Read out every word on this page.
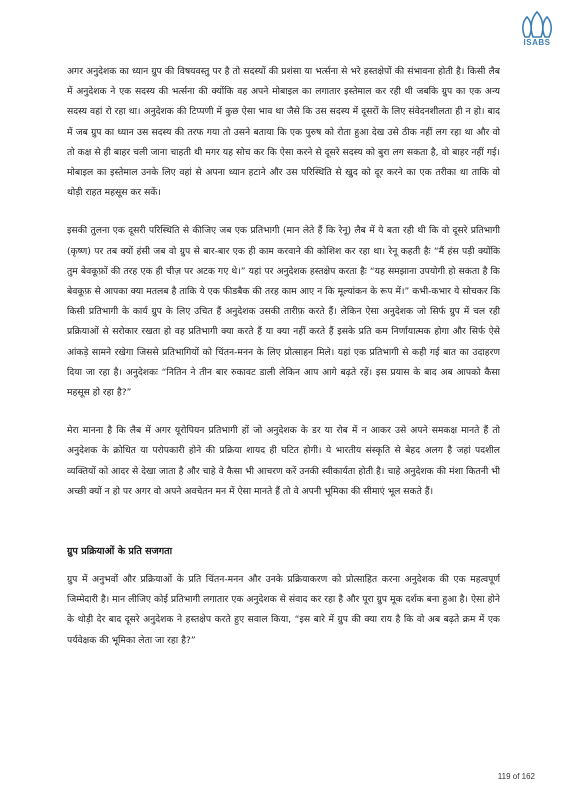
ISABS

अगर अनुदेशक का ध्यान ग्रुप की विषयवस्तु पर है तो सदस्यों की प्रशंसा या भर्त्सना से भरे हस्तक्षेपों की संभावना होती है। किसी लैब में अनुदेशक ने एक सदस्य की भर्त्सना की क्योंकि वह अपने मोबाइल का लगातार इस्तेमाल कर रही थी जबकि ग्रुप का एक अन्य सदस्य वहां रो रहा था। अनुदेशक की टिप्पणी में कुछ ऐसा भाव था जैसे कि उस सदस्य में दूसरों के लिए संवेदनशीलता ही न हो। बाद में जब ग्रुप का ध्यान उस सदस्य की तरफ गया तो उसने बताया कि एक पुरुष को रोता हुआ देख उसे ठीक नहीं लग रहा था और वो तो कक्ष से ही बाहर चली जाना चाहती थी मगर यह सोच कर कि ऐसा करने से दूसरे सदस्य को बुरा लग सकता है, वो बाहर नहीं गई। मोबाइल का इस्तेमाल उनके लिए वहां से अपना ध्यान हटाने और उस परिस्थिति से खुद को दूर करने का एक तरीका था ताकि वो थोड़ी राहत महसूस कर सकें।

इसकी तुलना एक दूसरी परिस्थिति से कीजिए जब एक प्रतिभागी (मान लेते हैं कि रेनू) लैब में ये बता रही थी कि वो दूसरे प्रतिभागी (कृष्ण) पर तब क्यों हंसी जब वो ग्रुप से बार-बार एक ही काम करवाने की कोशिश कर रहा था। रेनू कहती हैः “मैं हंस पड़ी क्योंकि तुम बेवकूफ़ों की तरह एक ही चीज़ पर अटक गए थे।” यहां पर अनुदेशक हस्तक्षेप करता हैः “यह समझाना उपयोगी हो सकता है कि बेवकूफ़ से आपका क्या मतलब है ताकि ये एक फीडबैक की तरह काम आए न कि मूल्यांकन के रूप में।” कभी-कभार ये सोचकर कि किसी प्रतिभागी के कार्य ग्रुप के लिए उचित हैं अनुदेशक उसकी तारीफ़ करते हैं। लेकिन ऐसा अनुदेशक जो सिर्फ ग्रुप में चल रही प्रक्रियाओं से सरोकार रखता हो वह प्रतिभागी क्या करते हैं या क्या नहीं करते हैं इसके प्रति कम निर्णायात्मक होगा और सिर्फ ऐसे आंकड़े सामने रखेगा जिससे प्रतिभागियों को चिंतन-मनन के लिए प्रोत्साहन मिले। यहां एक प्रतिभागी से कही गई बात का उदाहरण दिया जा रहा है। अनुदेशकः “नितिन ने तीन बार रुकावट डाली लेकिन आप आगे बढ़ते रहें। इस प्रयास के बाद अब आपको कैसा महसूस हो रहा है?”

मेरा मानना है कि लैब में अगर यूरोपियन प्रतिभागी हों जो अनुदेशक के डर या रोब में न आकर उसे अपने समकक्ष मानते हैं तो अनुदेशक के क्रोधित या परोपकारी होने की प्रक्रिया शायद ही घटित होगी। ये भारतीय संस्कृति से बेहद अलग है जहां पदशील व्यक्तियों को आदर से देखा जाता है और चाहे वे कैसा भी आचरण करें उनकी स्वीकार्यता होती है। चाहे अनुदेशक की मंशा कितनी भी अच्छी क्यों न हो पर अगर वो अपने अवचेतन मन में ऐसा मानते हैं तो वे अपनी भूमिका की सीमाएं भूल सकते हैं।

ग्रुप प्रक्रियाओं के प्रति सजगता

ग्रुप में अनुभवों और प्रक्रियाओं के प्रति चिंतन-मनन और उनके प्रक्रियाकरण को प्रोत्साहित करना अनुदेशक की एक महत्वपूर्ण जिम्मेदारी है। मान लीजिए कोई प्रतिभागी लगातार एक अनुदेशक से संवाद कर रहा है और पूरा ग्रुप मूक दर्शक बना हुआ है। ऐसा होने के थोड़ी देर बाद दूसरे अनुदेशक ने हस्तक्षेप करते हुए सवाल किया, “इस बारे में ग्रुप की क्या राय है कि वो अब बढ़ते क्रम में एक पर्यवेक्षक की भूमिका लेता जा रहा है?”

119 of 162
